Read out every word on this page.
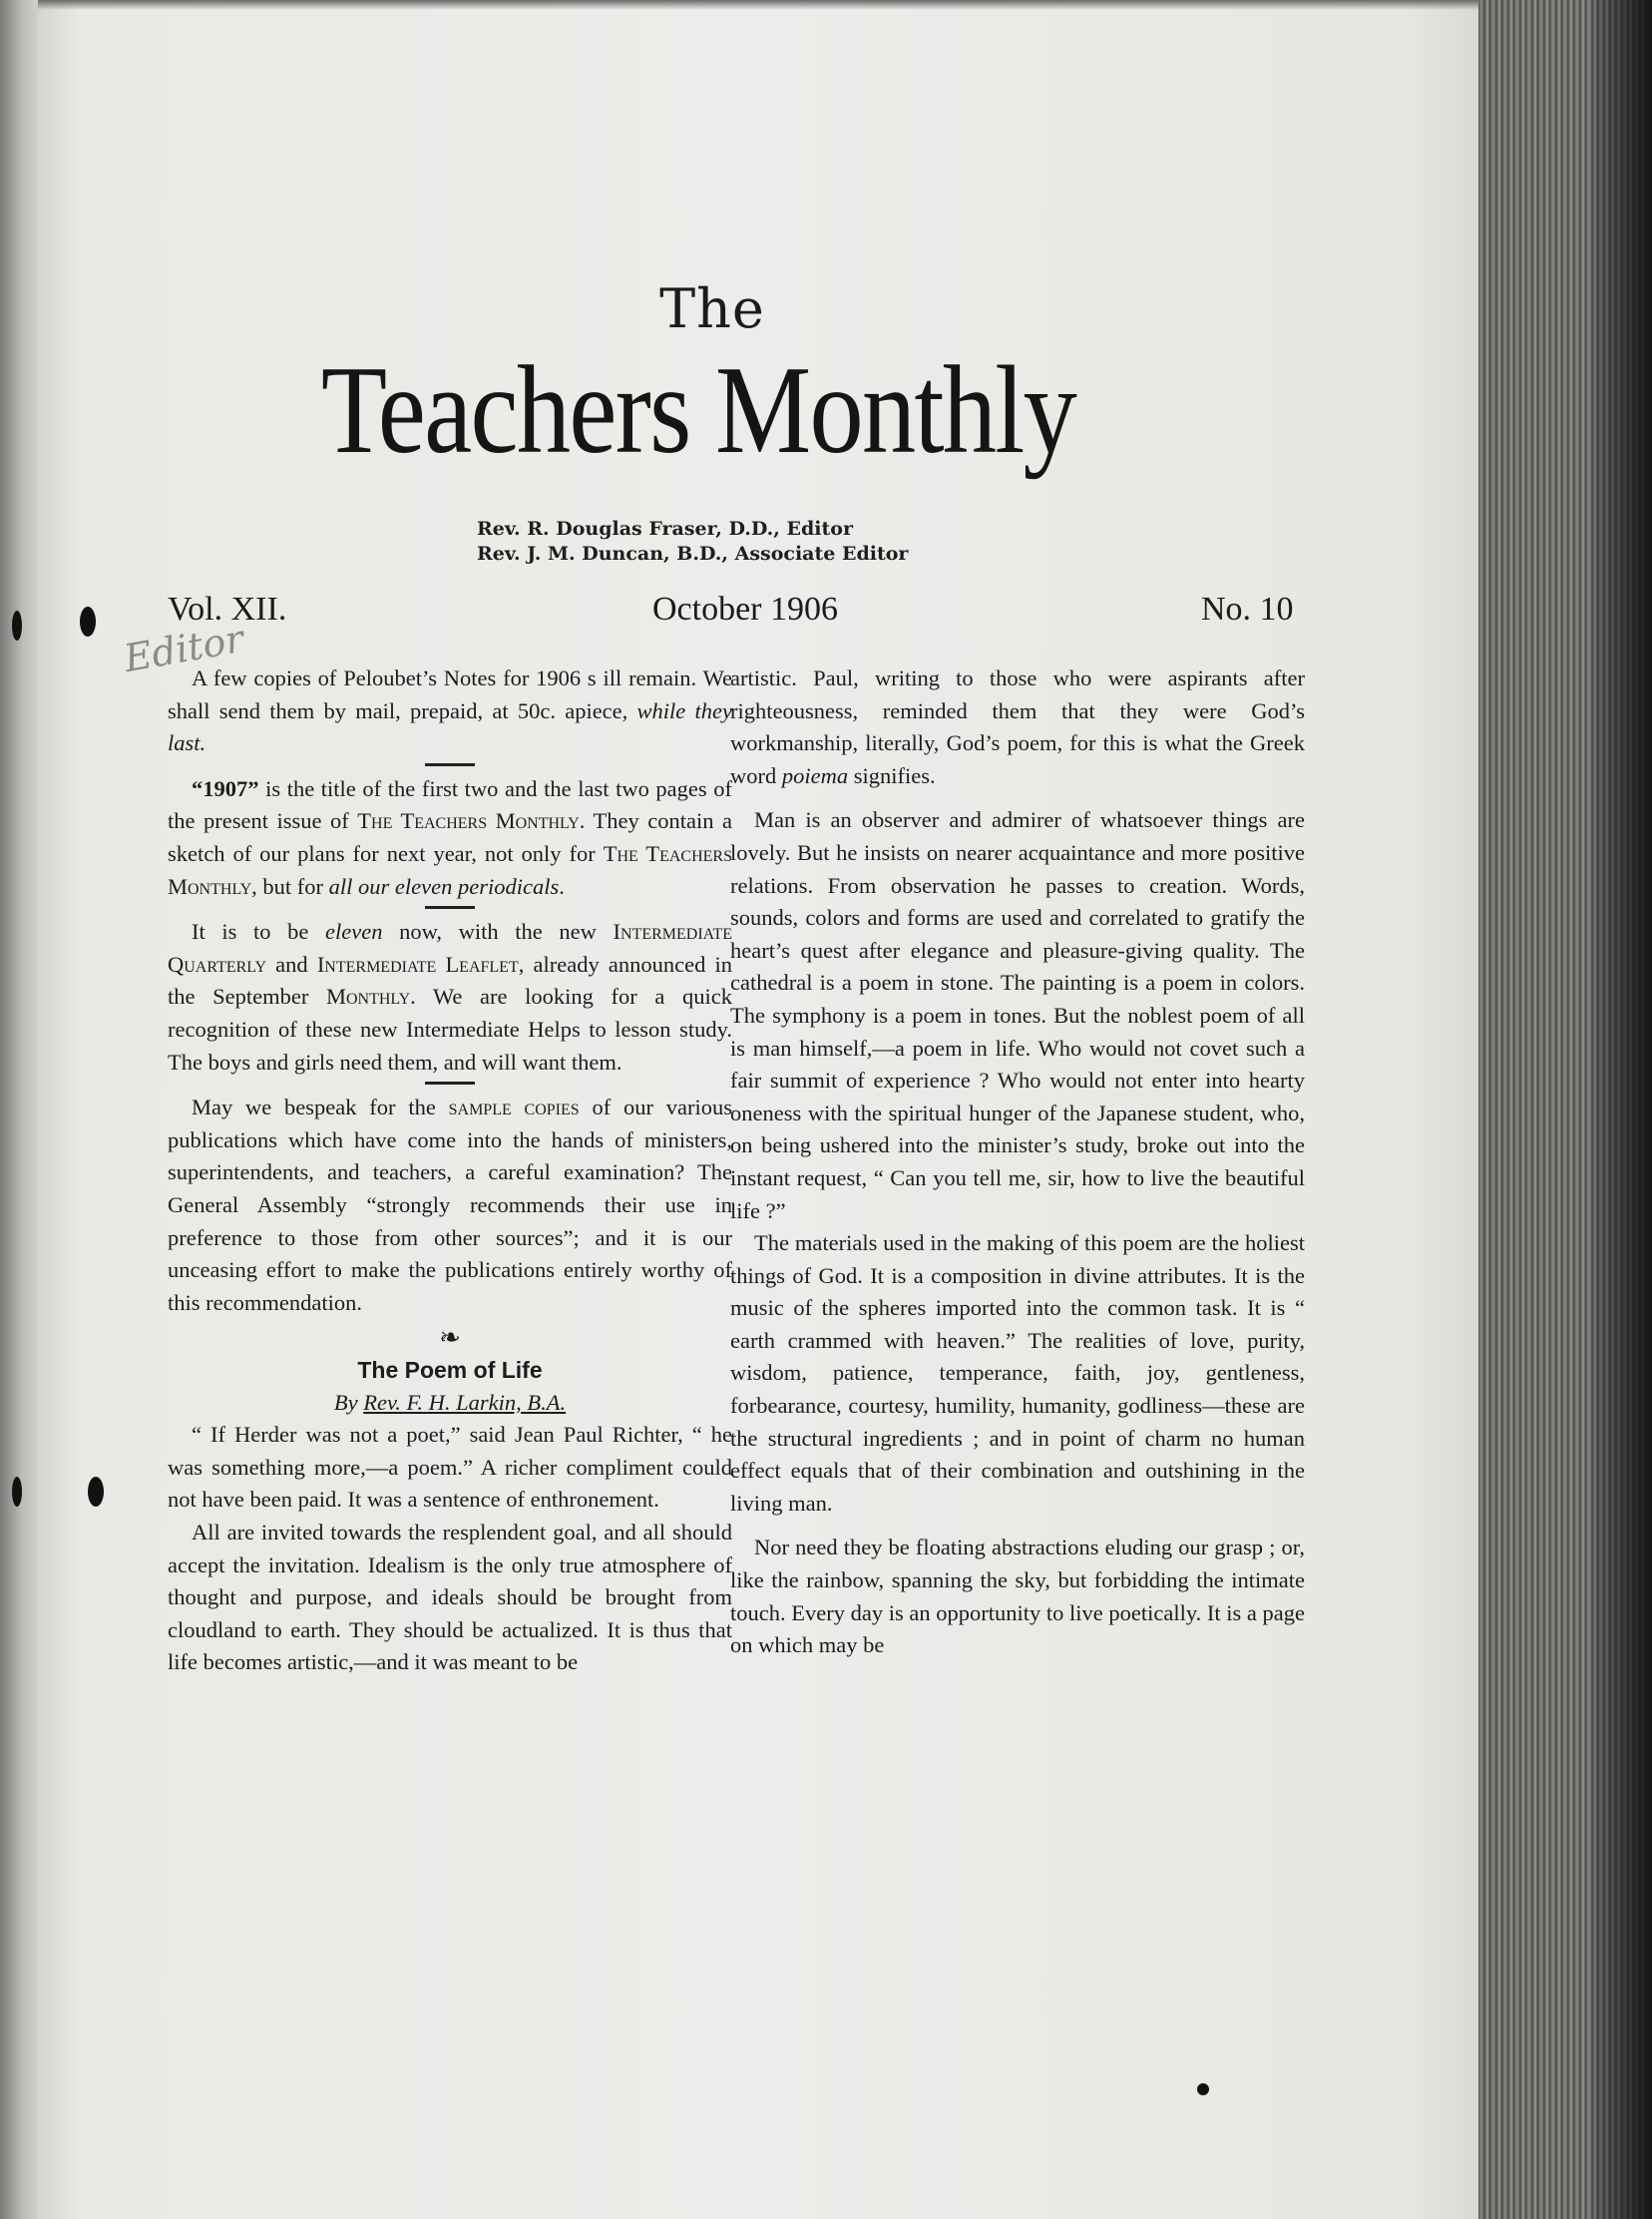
The
Teachers Monthly
Rev. R. Douglas Fraser, D.D., Editor
Rev. J. M. Duncan, B.D., Associate Editor
Vol. XII.	October 1906	No. 10
Editor

A few copies of Peloubet’s Notes for 1906 s ill remain. We shall send them by mail, prepaid, at 50c. apiece, while they last.

“1907” is the title of the first two and the last two pages of the present issue of The Teachers Monthly. They contain a sketch of our plans for next year, not only for The Teachers Monthly, but for all our eleven periodicals.

It is to be eleven now, with the new Intermediate Quarterly and Intermediate Leaflet, already announced in the September Monthly. We are looking for a quick recognition of these new Intermediate Helps to lesson study. The boys and girls need them, and will want them.

May we bespeak for the sample copies of our various publications which have come into the hands of ministers, superintendents, and teachers, a careful examination? The General Assembly “strongly recommends their use in preference to those from other sources”; and it is our unceasing effort to make the publications entirely worthy of this recommendation.

❧
The Poem of Life
By Rev. F. H. Larkin, B.A.

“ If Herder was not a poet,” said Jean Paul Richter, “ he was something more,—a poem.” A richer compliment could not have been paid. It was a sentence of enthronement.

All are invited towards the resplendent goal, and all should accept the invitation. Idealism is the only true atmosphere of thought and purpose, and ideals should be brought from cloudland to earth. They should be actualized. It is thus that life becomes artistic,—and it was meant to be

artistic. Paul, writing to those who were aspirants after righteousness, reminded them that they were God’s workmanship, literally, God’s poem, for this is what the Greek word poiema signifies.

Man is an observer and admirer of whatsoever things are lovely. But he insists on nearer acquaintance and more positive relations. From observation he passes to creation. Words, sounds, colors and forms are used and correlated to gratify the heart’s quest after elegance and pleasure-giving quality. The cathedral is a poem in stone. The painting is a poem in colors. The symphony is a poem in tones. But the noblest poem of all is man himself,—a poem in life. Who would not covet such a fair summit of experience ? Who would not enter into hearty oneness with the spiritual hunger of the Japanese student, who, on being ushered into the minister’s study, broke out into the instant request, “ Can you tell me, sir, how to live the beautiful life ?”

The materials used in the making of this poem are the holiest things of God. It is a composition in divine attributes. It is the music of the spheres imported into the common task. It is “ earth crammed with heaven.” The realities of love, purity, wisdom, patience, temperance, faith, joy, gentleness, forbearance, courtesy, humility, humanity, godliness—these are the structural ingredients ; and in point of charm no human effect equals that of their combination and outshining in the living man.

Nor need they be floating abstractions eluding our grasp ; or, like the rainbow, spanning the sky, but forbidding the intimate touch. Every day is an opportunity to live poetically. It is a page on which may be
